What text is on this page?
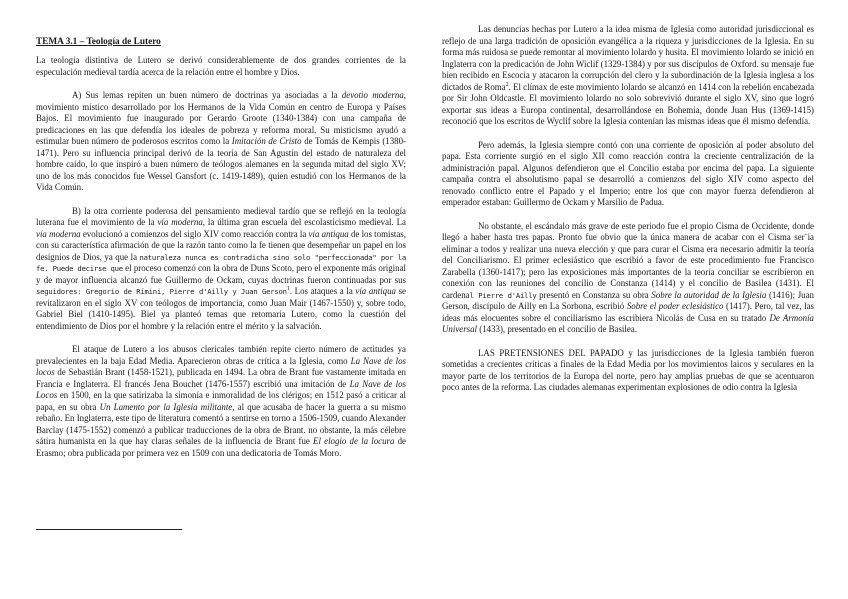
TEMA 3.1 – Teología de Lutero

La teología distintiva de Lutero se derivó considerablemente de dos grandes corrientes de la especulación medieval tardía acerca de la relación entre el hombre y Dios.

A) Sus lemas repiten un buen número de doctrinas ya asociadas a la devotio moderna, movimiento místico desarrollado por los Hermanos de la Vida Común en centro de Europa y Países Bajos. El movimiento fue inaugurado por Gerardo Groote (1340-1384) con una campaña de predicaciones en las que defendía los ideales de pobreza y reforma moral. Su misticismo ayudó a estimular buen número de poderosos escritos como la Imitación de Cristo de Tomás de Kempis (1380-1471). Pero su influencia principal derivó de la teoría de San Agustín del estado de naturaleza del hombre caído, lo que inspiró a buen número de teólogos alemanes en la segunda mitad del siglo XV; uno de los más conocidos fue Wessel Gansfort (c. 1419-1489), quien estudió con los Hermanos de la Vida Común.

B) la otra corriente poderosa del pensamiento medieval tardío que se reflejó en la teología luterana fue el movimiento de la vía moderna, la última gran escuela del escolasticismo medieval. La vía moderna evolucionó a comienzos del siglo XIV como reacción contra la vía antiqua de los tomistas, con su característica afirmación de que la razón tanto como la fe tienen que desempeñar un papel en los designios de Dios, ya que la naturaleza nunca es contradicha sino solo "perfeccionada" por la fe. Puede decirse que el proceso comenzó con la obra de Duns Scoto, pero el exponente más original y de mayor influencia alcanzó fue Guillermo de Ockam, cuyas doctrinas fueron continuadas por sus seguidores: Gregorio de Rímini, Pierre d'Ailly y Juan Gerson$^1$. Los ataques a la vía antiqua se revitalizaron en el siglo XV con teólogos de importancia, como Juan Mair (1467-1550) y, sobre todo, Gabriel Biel (1410-1495). Biel ya planteó temas que retomaría Lutero, como la cuestión del entendimiento de Dios por el hombre y la relación entre el mérito y la salvación.

El ataque de Lutero a los abusos clericales también repite cierto número de actitudes ya prevalecientes en la baja Edad Media. Aparecieron obras de crítica a la Iglesia, como La Nave de los locos de Sebastián Brant (1458-1521), publicada en 1494. La obra de Brant fue vastamente imitada en Francia e Inglaterra. El francés Jena Bouchet (1476-1557) escribió una imitación de La Nave de los Locos en 1500, en la que satirizaba la simonía e inmoralidad de los clérigos; en 1512 pasó a criticar al papa, en su obra Un Lamento por la Iglesia militante, al que acusaba de hacer la guerra a su mismo rebaño. En Inglaterra, este tipo de literatura comentó a sentirse en torno a 1506-1509, cuando Alexander Barclay (1475-1552) comenzó a publicar traducciones de la obra de Brant. no obstante, la más célebre sátira humanista en la que hay claras señales de la influencia de Brant fue El elogio de la locura de Erasmo; obra publicada por primera vez en 1509 con una dedicatoria de Tomás Moro.

Las denuncias hechas por Lutero a la idea misma de Iglesia como autoridad jurisdiccional es reflejo de una larga tradición de oposición evangélica a la riqueza y jurisdicciones de la Iglesia. En su forma más ruidosa se puede remontar al movimiento lolardo y husita. El movimiento lolardo se inició en Inglaterra con la predicación de John Wiclif (1329-1384) y por sus discípulos de Oxford. su mensaje fue bien recibido en Escocia y atacaron la corrupción del clero y la subordinación de la Iglesia inglesa a los dictados de Roma$^2$. El clímax de este movimiento lolardo se alcanzó en 1414 con la rebelión encabezada por Sir John Oldcastle. El movimiento lolardo no solo sobrevivió durante el siglo XV, sino que logró exportar sus ideas a Europa continental, desarrollándose en Bohemia, donde Juan Hus (1369-1415) reconoció que los escritos de Wyclif sobre la Iglesia contenían las mismas ideas que él mismo defendía.

Pero además, la Iglesia siempre contó con una corriente de oposición al poder absoluto del papa. Esta corriente surgió en el siglo XII como reacción contra la creciente centralización de la administración papal. Algunos defendieron que el Concilio estaba por encima del papa. La siguiente campaña contra el absolutismo papal se desarrolló a comienzos del siglo XIV como aspecto del renovado conflicto entre el Papado y el Imperio; entre los que con mayor fuerza defendieron al emperador estaban: Guillermo de Ockam y Marsilio de Padua.

No obstante, el escándalo más grave de este período fue el propio Cisma de Occidente, donde llegó a haber hasta tres papas. Pronto fue obvio que la única manera de acabar con el Cisma ser¨ia eliminar a todos y realizar una nueva elección y que para curar el Cisma era necesario admitir la teoría del Conciliarismo. El primer eclesiástico que escribió a favor de este procedimiento fue Francisco Zarabella (1360-1417); pero las exposiciones más importantes de la teoría conciliar se escribieron en conexión con las reuniones del concilio de Constanza (1414) y el concilio de Basilea (1431). El cardenal Pierre d'Ailly presentó en Constanza su obra Sobre la autoridad de la Iglesia (1416); Juan Gerson, discípulo de Ailly en La Sorbona, escribió Sobre el poder eclesiástico (1417). Pero, tal vez, las ideas más elocuentes sobre el conciliarismo las escribiera Nicolás de Cusa en su tratado De Armonía Universal (1433), presentado en el concilio de Basilea.

LAS PRETENSIONES DEL PAPADO y las jurisdicciones de la Iglesia también fueron sometidas a crecientes críticas a finales de la Edad Media por los movimientos laicos y seculares en la mayor parte de los territorios de la Europa del norte, pero hay amplias pruebas de que se acentuaron poco antes de la reforma. Las ciudades alemanas experimentan explosiones de odio contra la Iglesia
